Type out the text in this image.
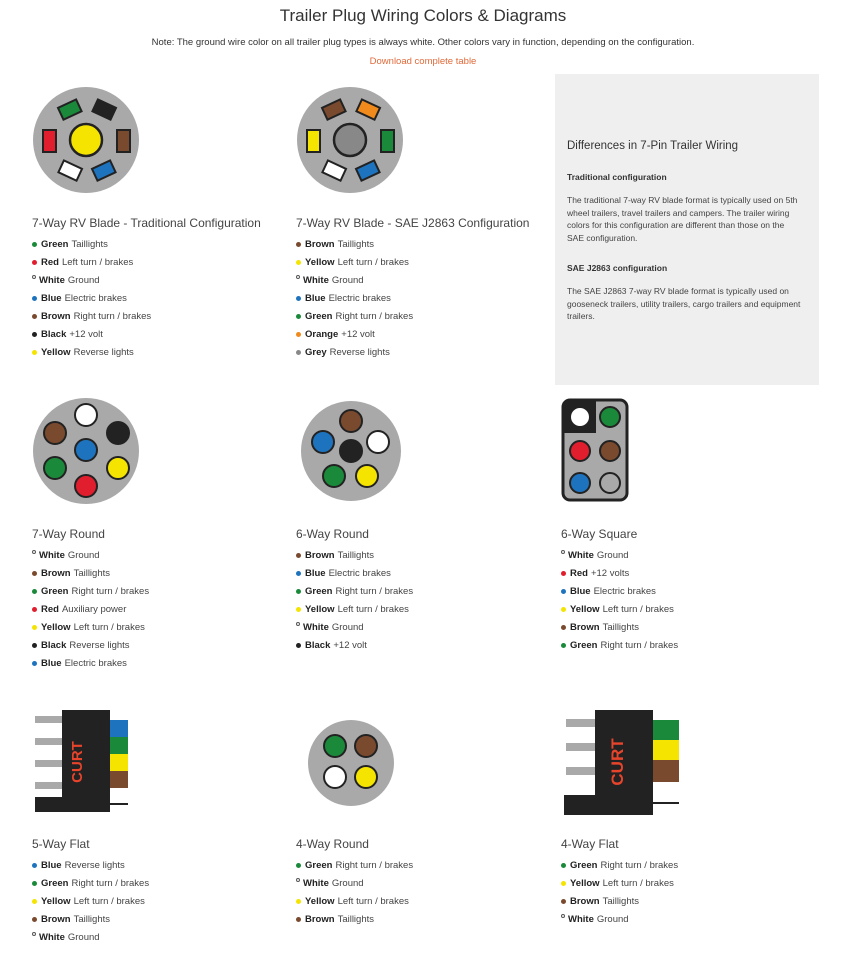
Trailer Plug Wiring Colors & Diagrams
Note: The ground wire color on all trailer plug types is always white. Other colors vary in function, depending on the configuration.
Download complete table
7-Way RV Blade - Traditional Configuration
Green Taillights
Red Left turn / brakes
White Ground
Blue Electric brakes
Brown Right turn / brakes
Black +12 volt
Yellow Reverse lights
7-Way RV Blade - SAE J2863 Configuration
Brown Taillights
Yellow Left turn / brakes
White Ground
Blue Electric brakes
Green Right turn / brakes
Orange +12 volt
Grey Reverse lights
Differences in 7-Pin Trailer Wiring
Traditional configuration
The traditional 7-way RV blade format is typically used on 5th wheel trailers, travel trailers and campers. The trailer wiring colors for this configuration are different than those on the SAE configuration.
SAE J2863 configuration
The SAE J2863 7-way RV blade format is typically used on gooseneck trailers, utility trailers, cargo trailers and equipment trailers.
7-Way Round
White Ground
Brown Taillights
Green Right turn / brakes
Red Auxiliary power
Yellow Left turn / brakes
Black Reverse lights
Blue Electric brakes
6-Way Round
Brown Taillights
Blue Electric brakes
Green Right turn / brakes
Yellow Left turn / brakes
White Ground
Black +12 volt
6-Way Square
White Ground
Red +12 volts
Blue Electric brakes
Yellow Left turn / brakes
Brown Taillights
Green Right turn / brakes
CURT
5-Way Flat
Blue Reverse lights
Green Right turn / brakes
Yellow Left turn / brakes
Brown Taillights
White Ground
4-Way Round
Green Right turn / brakes
White Ground
Yellow Left turn / brakes
Brown Taillights
CURT
4-Way Flat
Green Right turn / brakes
Yellow Left turn / brakes
Brown Taillights
White Ground
